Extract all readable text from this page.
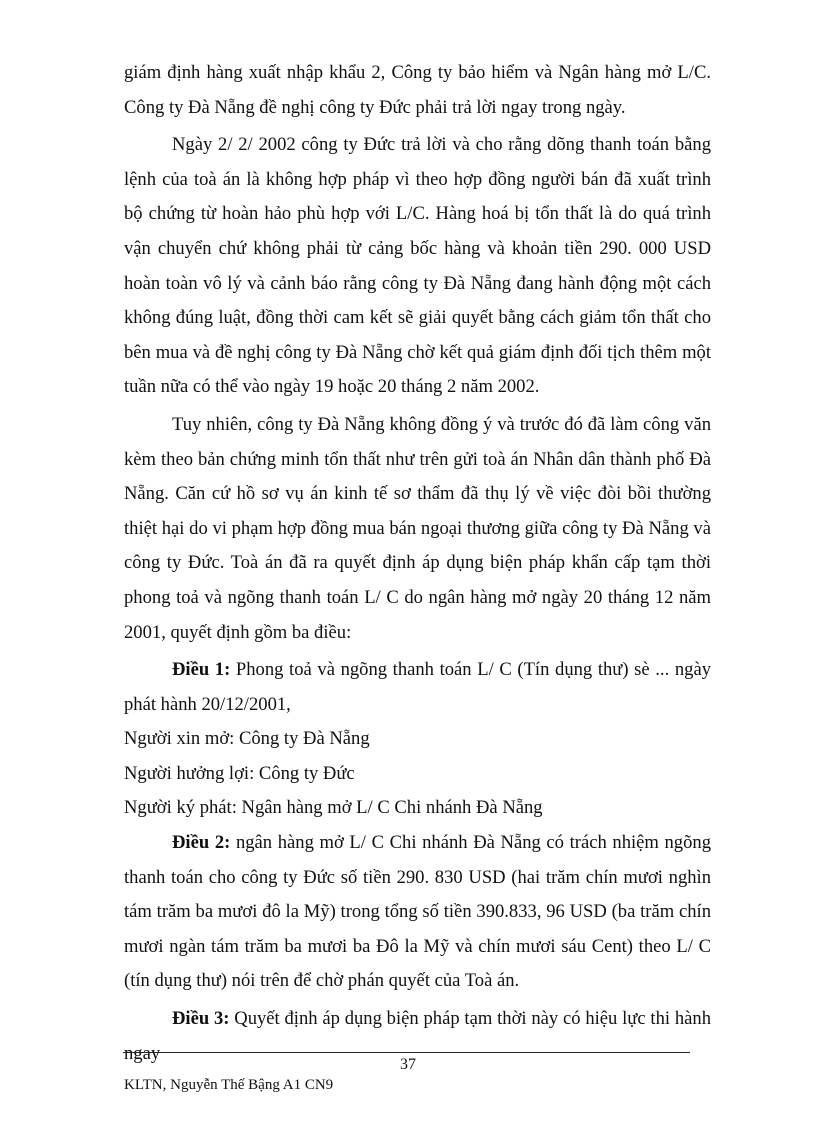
giám định hàng xuất nhập khẩu 2, Công ty bảo hiểm và Ngân hàng mở L/C. Công ty Đà Nẵng đề nghị công ty Đức phải trả lời ngay trong ngày.

Ngày 2/ 2/ 2002 công ty Đức trả lời và cho rằng dõng thanh toán bằng lệnh của toà án là không hợp pháp vì theo hợp đồng người bán đã xuất trình bộ chứng từ hoàn hảo phù hợp với L/C. Hàng hoá bị tổn thất là do quá trình vận chuyển chứ không phải từ cảng bốc hàng và khoản tiền 290. 000 USD hoàn toàn vô lý và cảnh báo rằng công ty Đà Nẵng đang hành động một cách không đúng luật, đồng thời cam kết sẽ giải quyết bằng cách giảm tổn thất cho bên mua và đề nghị công ty Đà Nẵng chờ kết quả giám định đối tịch thêm một tuần nữa có thể vào ngày 19 hoặc 20 tháng 2 năm 2002.

Tuy nhiên, công ty Đà Nẵng không đồng ý và trước đó đã làm công văn kèm theo bản chứng minh tổn thất như trên gửi toà án Nhân dân thành phố Đà Nẵng. Căn cứ hồ sơ vụ án kinh tế sơ thẩm đã thụ lý về việc đòi bồi thường thiệt hại do vi phạm hợp đồng mua bán ngoại thương giữa công ty Đà Nẵng và công ty Đức. Toà án đã ra quyết định áp dụng biện pháp khẩn cấp tạm thời phong toả và ngõng thanh toán L/ C do ngân hàng mở ngày 20 tháng 12 năm 2001, quyết định gồm ba điều:

Điều 1: Phong toả và ngõng thanh toán L/ C (Tín dụng thư) sè ... ngày phát hành 20/12/2001,

Người xin mở: Công ty Đà Nẵng

Người hưởng lợi: Công ty Đức

Người ký phát: Ngân hàng mở L/ C Chi nhánh Đà Nẵng

Điều 2: ngân hàng mở L/ C Chi nhánh Đà Nẵng có trách nhiệm ngõng thanh toán cho công ty Đức số tiền 290. 830 USD (hai trăm chín mươi nghìn tám trăm ba mươi đô la Mỹ) trong tổng số tiền 390.833, 96 USD (ba trăm chín mươi ngàn tám trăm ba mươi ba Đô la Mỹ và chín mươi sáu Cent) theo L/ C (tín dụng thư) nói trên để chờ phán quyết của Toà án.

Điều 3: Quyết định áp dụng biện pháp tạm thời này có hiệu lực thi hành ngay

37
KLTN, Nguyễn Thế Bậng A1 CN9
